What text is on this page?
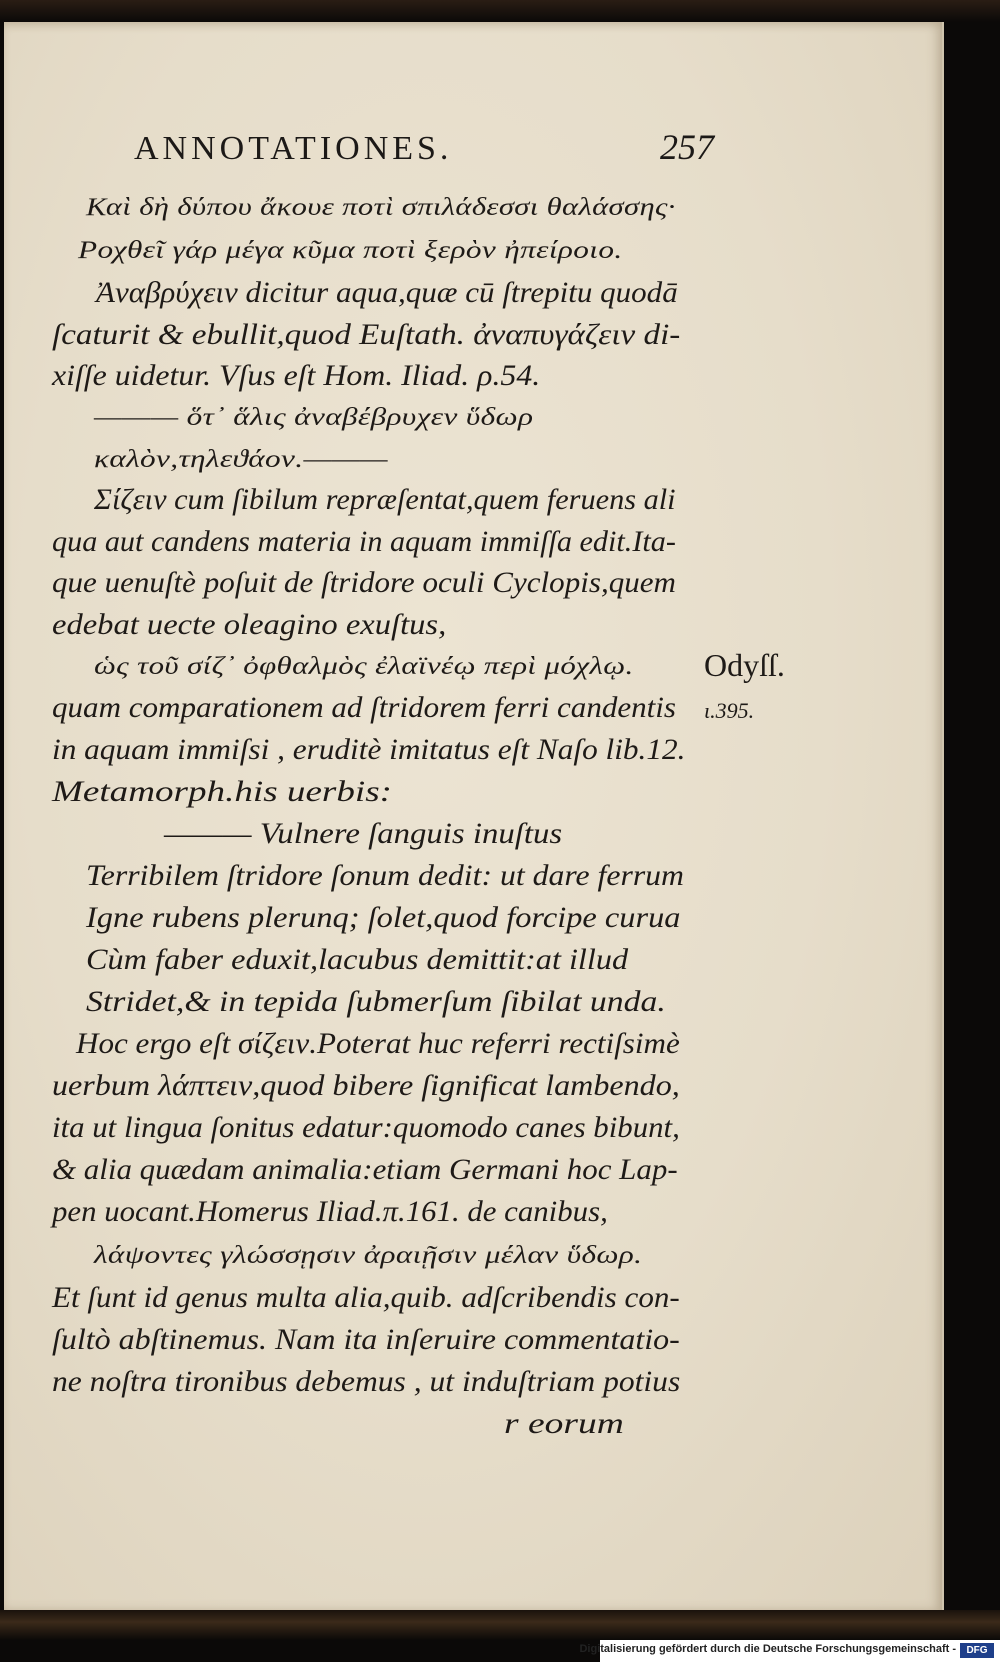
ANNOTATIONES.	257
Καὶ δὴ δύπου ἄκουε ποτὶ σπιλάδεσσι θαλάσσης·
Ροχθεῖ γάρ μέγα κῦμα ποτὶ ξερὸν ἠπείροιο.
Ἀναβρύχειν dicitur aqua,quæ cū ſtrepitu quodā
ſcaturit & ebullit,quod Euſtath. ἀναπυγάζειν di-
xiſſe uidetur. Vſus eſt Hom. Iliad. ρ.54.
——— ὅτ᾽ ἅλις ἀναβέβρυχεν ὕδωρ
καλὸν,τηλεϑάον.———
Σίζειν cum ſibilum repræſentat,quem feruens ali
qua aut candens materia in aquam immiſſa edit.Ita-
que uenuſtè poſuit de ſtridore oculi Cyclopis,quem
edebat uecte oleagino exuſtus,
ὡς τοῦ σίζ᾽ ὀφθαλμὸς ἐλαϊνέῳ περὶ μόχλῳ.
quam comparationem ad ſtridorem ferri candentis
in aquam immiſsi , eruditè imitatus eſt Naſo lib.12.
Metamorph.his uerbis:
——— Vulnere ſanguis inuſtus
Terribilem ſtridore ſonum dedit: ut dare ferrum
Igne rubens plerunq; ſolet,quod forcipe curua
Cùm faber eduxit,lacubus demittit:at illud
Stridet,& in tepida ſubmerſum ſibilat unda.
Hoc ergo eſt σίζειν.Poterat huc referri rectiſsimè
uerbum λάπτειν,quod bibere ſignificat lambendo,
ita ut lingua ſonitus edatur:quomodo canes bibunt,
& alia quædam animalia:etiam Germani hoc Lap-
pen uocant.Homerus Iliad.π.161. de canibus,
λάψοντες γλώσσῃσιν ἀραιῇσιν μέλαν ὕδωρ.
Et ſunt id genus multa alia,quib. adſcribendis con-
ſultò abſtinemus. Nam ita inſeruire commentatio-
ne noſtra tironibus debemus , ut induſtriam potius
r eorum
Odyſſ.
ι.395.
Digitalisierung gefördert durch die Deutsche Forschungsgemeinschaft -	DFG
